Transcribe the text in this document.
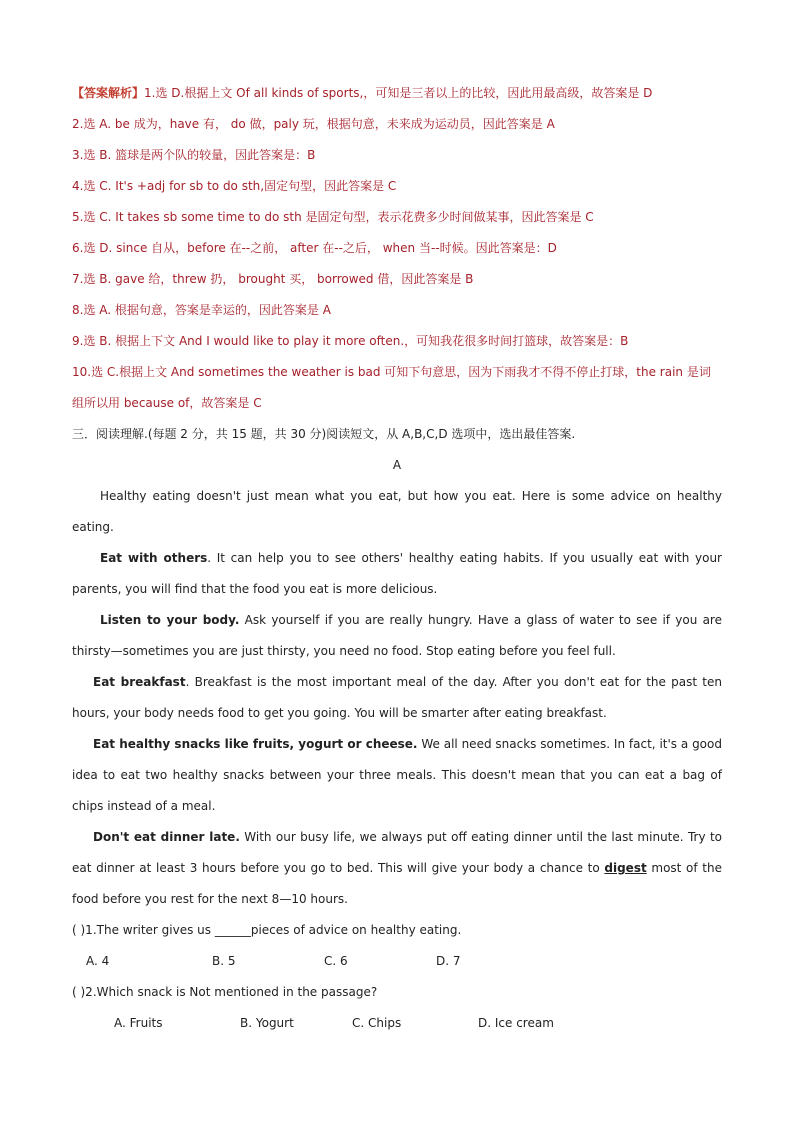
【答案解析】1.选 D.根据上文 Of all kinds of sports,，可知是三者以上的比较，因此用最高级，故答案是 D
2.选 A. be 成为，have 有， do 做，paly 玩，根据句意，未来成为运动员，因此答案是 A
3.选 B. 篮球是两个队的较量，因此答案是：B
4.选 C. It's +adj for sb to do sth,固定句型，因此答案是 C
5.选 C. It takes sb some time to do sth 是固定句型，表示花费多少时间做某事，因此答案是 C
6.选 D. since 自从，before 在--之前， after 在--之后， when 当--时候。因此答案是：D
7.选 B. gave 给，threw 扔， brought 买， borrowed 借，因此答案是 B
8.选 A. 根据句意，答案是幸运的，因此答案是 A
9.选 B. 根据上下文 And I would like to play it more often.，可知我花很多时间打篮球，故答案是：B
10.选 C.根据上文 And sometimes the weather is bad 可知下句意思，因为下雨我才不得不停止打球，the rain 是词组所以用 because of，故答案是 C
三．阅读理解.(每题 2 分，共 15 题，共 30 分)阅读短文，从 A,B,C,D 选项中，选出最佳答案.
A
Healthy eating doesn't just mean what you eat, but how you eat. Here is some advice on healthy eating.
Eat with others. It can help you to see others' healthy eating habits. If you usually eat with your parents, you will find that the food you eat is more delicious.
Listen to your body. Ask yourself if you are really hungry. Have a glass of water to see if you are thirsty—sometimes you are just thirsty, you need no food. Stop eating before you feel full.
Eat breakfast. Breakfast is the most important meal of the day. After you don't eat for the past ten hours, your body needs food to get you going. You will be smarter after eating breakfast.
Eat healthy snacks like fruits, yogurt or cheese. We all need snacks sometimes. In fact, it's a good idea to eat two healthy snacks between your three meals. This doesn't mean that you can eat a bag of chips instead of a meal.
Don't eat dinner late. With our busy life, we always put off eating dinner until the last minute. Try to eat dinner at least 3 hours before you go to bed. This will give your body a chance to digest most of the food before you rest for the next 8—10 hours.
( )1.The writer gives us ______pieces of advice on healthy eating.
A. 4	B. 5	C. 6	D. 7
( )2.Which snack is Not mentioned in the passage?
A. Fruits	B. Yogurt	C. Chips	D. Ice cream
